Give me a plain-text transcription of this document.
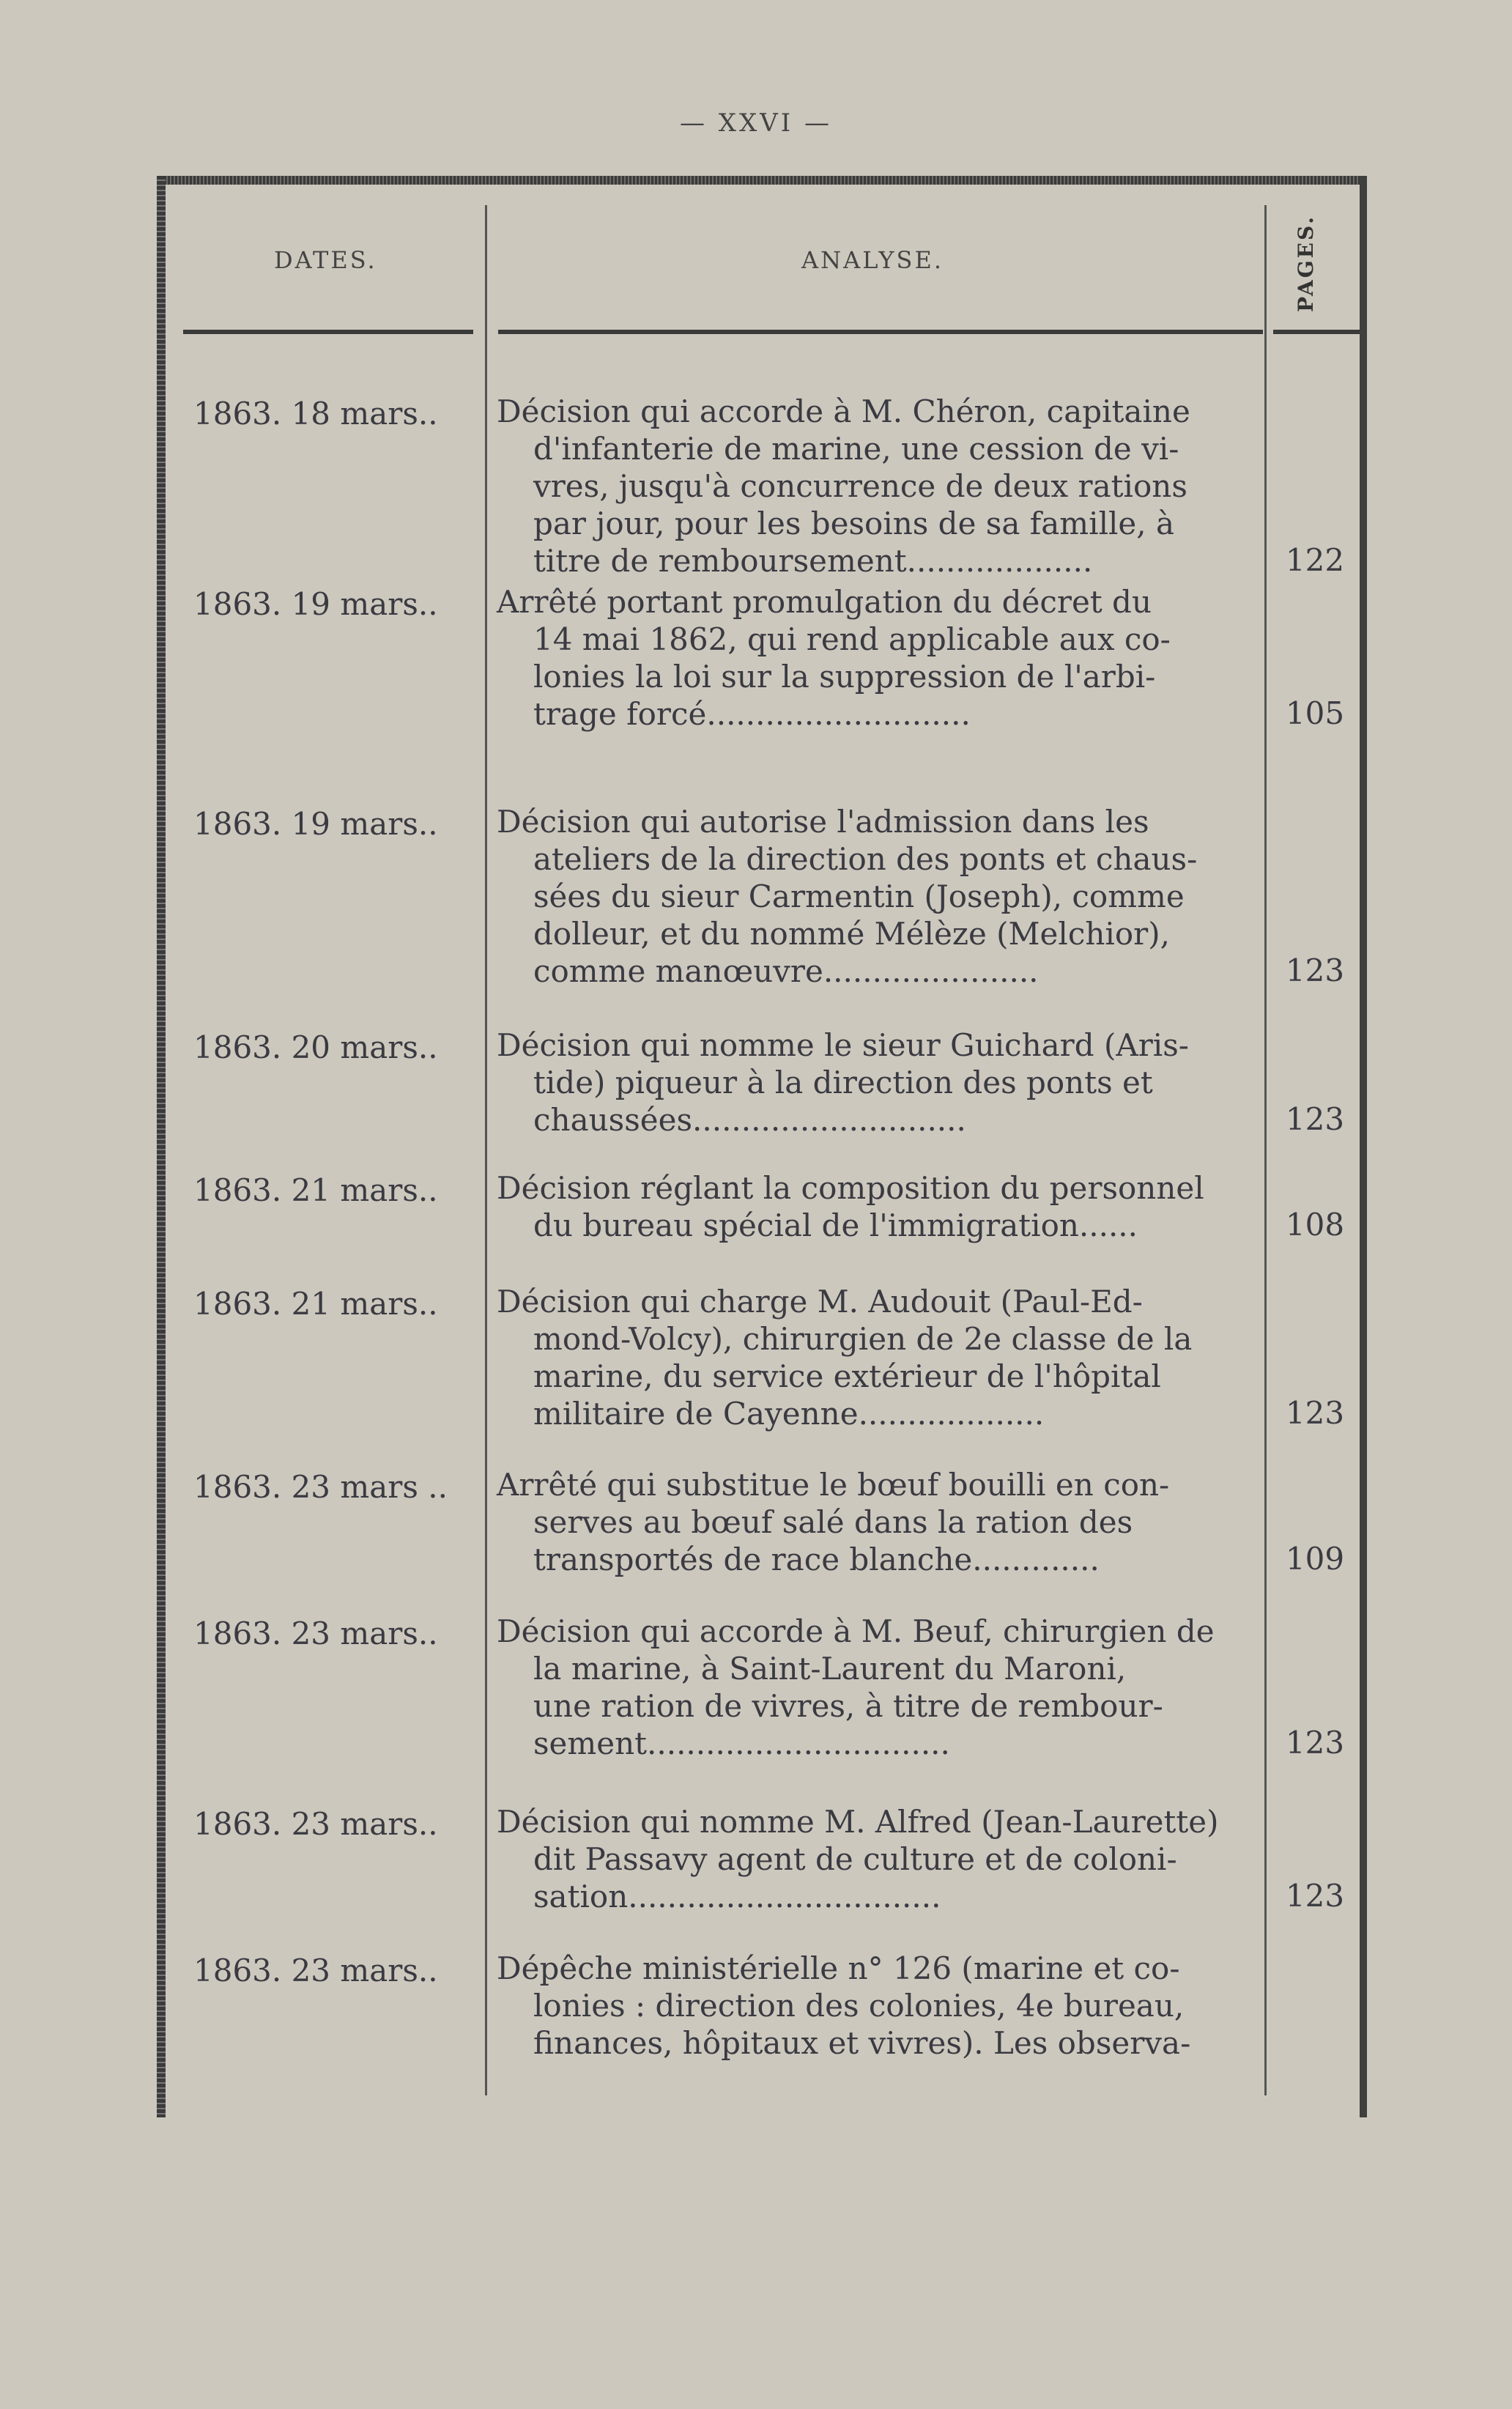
— XXVI —
DATES.	ANALYSE.	PAGES.
1863. 18 mars.. Décision qui accorde à M. Chéron, capitaine
d'infanterie de marine, une cession de vi-
vres, jusqu'à concurrence de deux rations
par jour, pour les besoins de sa famille, à
titre de remboursement...................	122
1863. 19 mars.. Arrêté portant promulgation du décret du
14 mai 1862, qui rend applicable aux co-
lonies la loi sur la suppression de l'arbi-
trage forcé...........................	105
1863. 19 mars.. Décision qui autorise l'admission dans les
ateliers de la direction des ponts et chaus-
sées du sieur Carmentin (Joseph), comme
dolleur, et du nommé Mélèze (Melchior),
comme manœuvre......................	123
1863. 20 mars.. Décision qui nomme le sieur Guichard (Aris-
tide) piqueur à la direction des ponts et
chaussées............................	123
1863. 21 mars.. Décision réglant la composition du personnel
du bureau spécial de l'immigration......	108
1863. 21 mars.. Décision qui charge M. Audouit (Paul-Ed-
mond-Volcy), chirurgien de 2e classe de la
marine, du service extérieur de l'hôpital
militaire de Cayenne...................	123
1863. 23 mars .. Arrêté qui substitue le bœuf bouilli en con-
serves au bœuf salé dans la ration des
transportés de race blanche.............	109
1863. 23 mars.. Décision qui accorde à M. Beuf, chirurgien de
la marine, à Saint-Laurent du Maroni,
une ration de vivres, à titre de rembour-
sement...............................	123
1863. 23 mars.. Décision qui nomme M. Alfred (Jean-Laurette)
dit Passavy agent de culture et de coloni-
sation................................	123
1863. 23 mars.. Dépêche ministérielle n° 126 (marine et co-
lonies : direction des colonies, 4e bureau,
finances, hôpitaux et vivres). Les observa-
